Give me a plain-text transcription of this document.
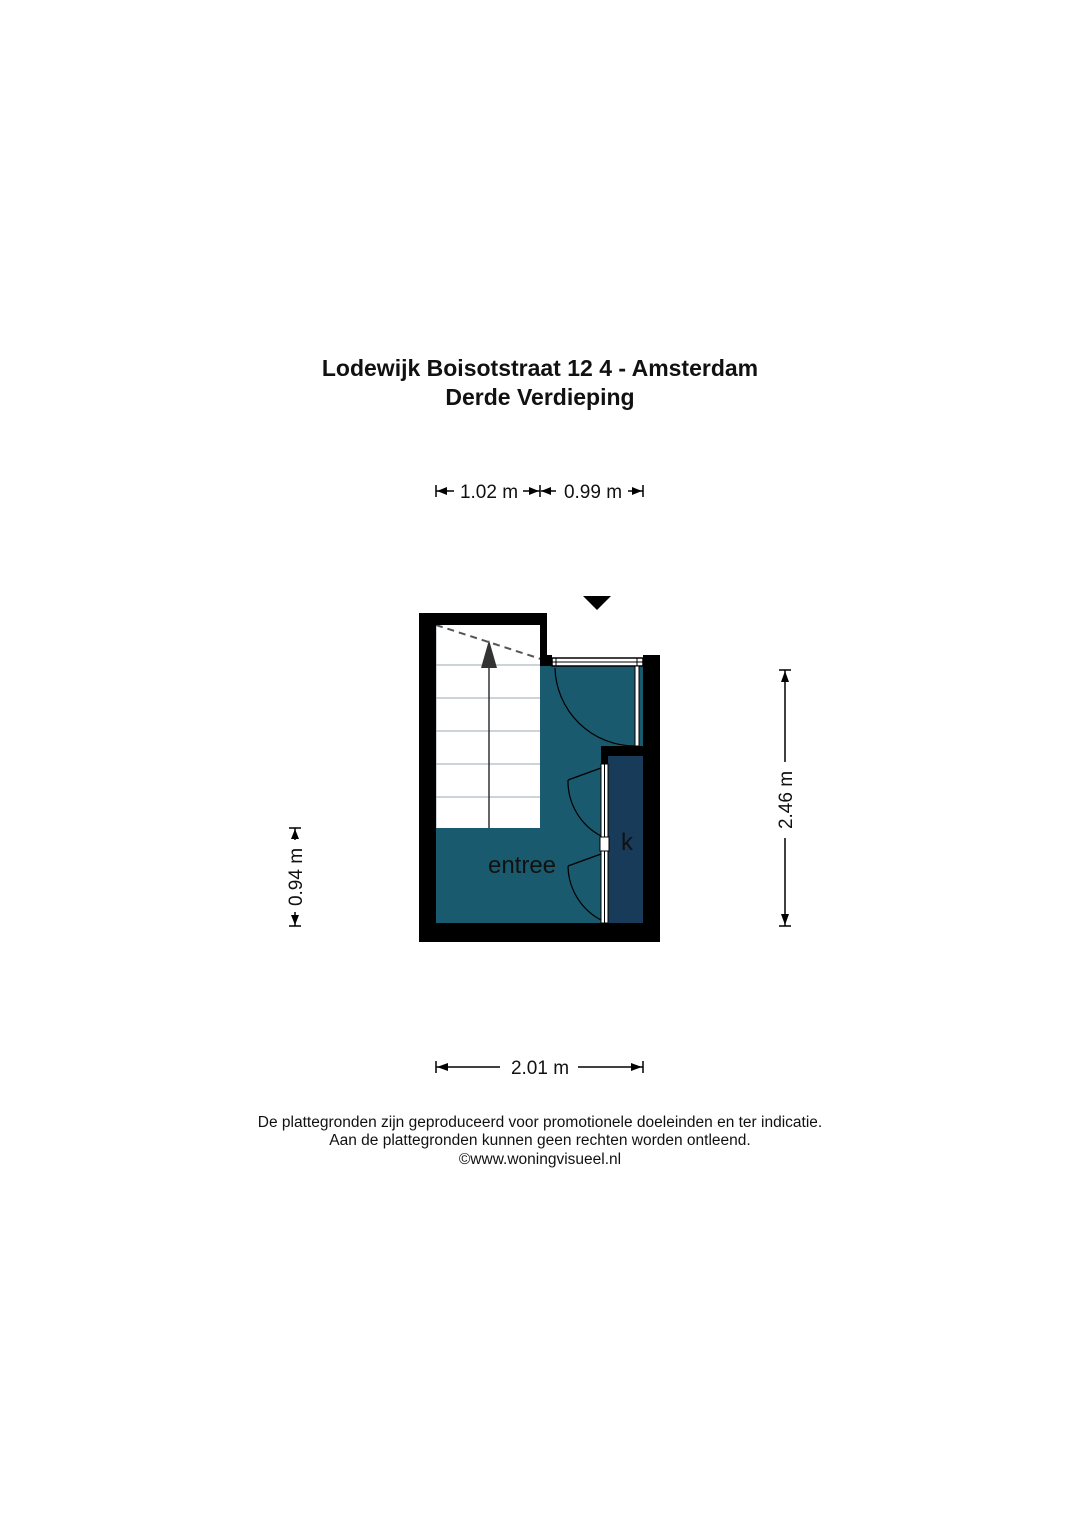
Lodewijk Boisotstraat 12 4 - Amsterdam
Derde Verdieping
entree
k
1.02 m 0.99 m
2.46 m
0.94 m
2.01 m
De plattegronden zijn geproduceerd voor promotionele doeleinden en ter indicatie.
Aan de plattegronden kunnen geen rechten worden ontleend.
©www.woningvisueel.nl
